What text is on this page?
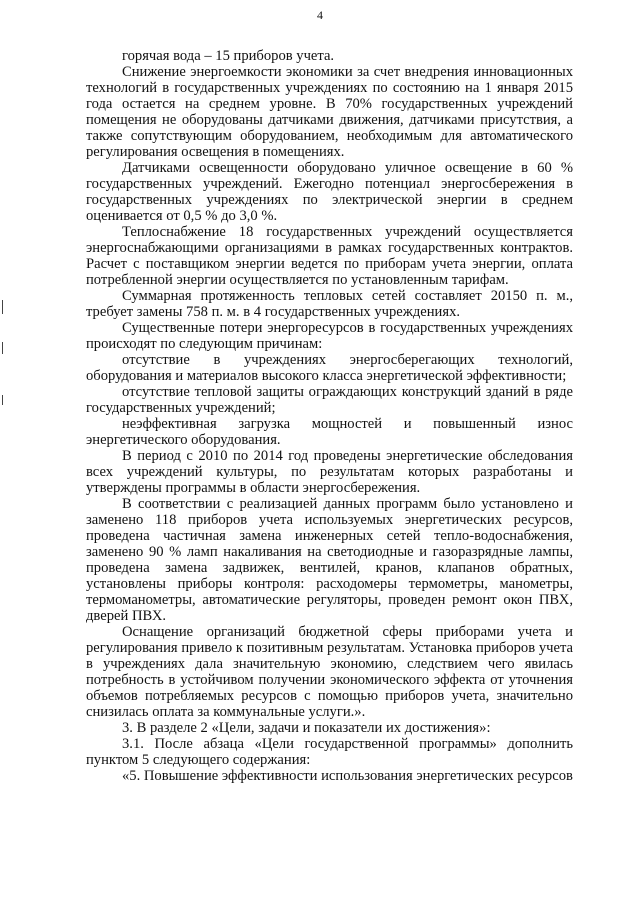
4

горячая вода – 15 приборов учета.

Снижение энергоемкости экономики за счет внедрения инновационных технологий в государственных учреждениях по состоянию на 1 января 2015 года остается на среднем уровне. В 70% государственных учреждений помещения не оборудованы датчиками движения, датчиками присутствия, а также сопутствующим оборудованием, необходимым для автоматического регулирования освещения в помещениях.

Датчиками освещенности оборудовано уличное освещение в 60 % государственных учреждений. Ежегодно потенциал энергосбережения в государственных учреждениях по электрической энергии в среднем оценивается от 0,5 % до 3,0 %.

Теплоснабжение 18 государственных учреждений осуществляется энергоснабжающими организациями в рамках государственных контрактов. Расчет с поставщиком энергии ведется по приборам учета энергии, оплата потребленной энергии осуществляется по установленным тарифам.

Суммарная протяженность тепловых сетей составляет 20150 п. м., требует замены 758 п. м. в 4 государственных учреждениях.

Существенные потери энергоресурсов в государственных учреждениях происходят по следующим причинам:

отсутствие в учреждениях энергосберегающих технологий, оборудования и материалов высокого класса энергетической эффективности;

отсутствие тепловой защиты ограждающих конструкций зданий в ряде государственных учреждений;

неэффективная загрузка мощностей и повышенный износ энергетического оборудования.

В период с 2010 по 2014 год проведены энергетические обследования всех учреждений культуры, по результатам которых разработаны и утверждены программы в области энергосбережения.

В соответствии с реализацией данных программ было установлено и заменено 118 приборов учета используемых энергетических ресурсов, проведена частичная замена инженерных сетей тепло-водоснабжения, заменено 90 % ламп накаливания на светодиодные и газоразрядные лампы, проведена замена задвижек, вентилей, кранов, клапанов обратных, установлены приборы контроля: расходомеры термометры, манометры, термоманометры, автоматические регуляторы, проведен ремонт окон ПВХ, дверей ПВХ.

Оснащение организаций бюджетной сферы приборами учета и регулирования привело к позитивным результатам. Установка приборов учета в учреждениях дала значительную экономию, следствием чего явилась потребность в устойчивом получении экономического эффекта от уточнения объемов потребляемых ресурсов с помощью приборов учета, значительно снизилась оплата за коммунальные услуги.».

3. В разделе 2 «Цели, задачи и показатели их достижения»:

3.1. После абзаца «Цели государственной программы» дополнить пунктом 5 следующего содержания:

«5. Повышение эффективности использования энергетических ресурсов
